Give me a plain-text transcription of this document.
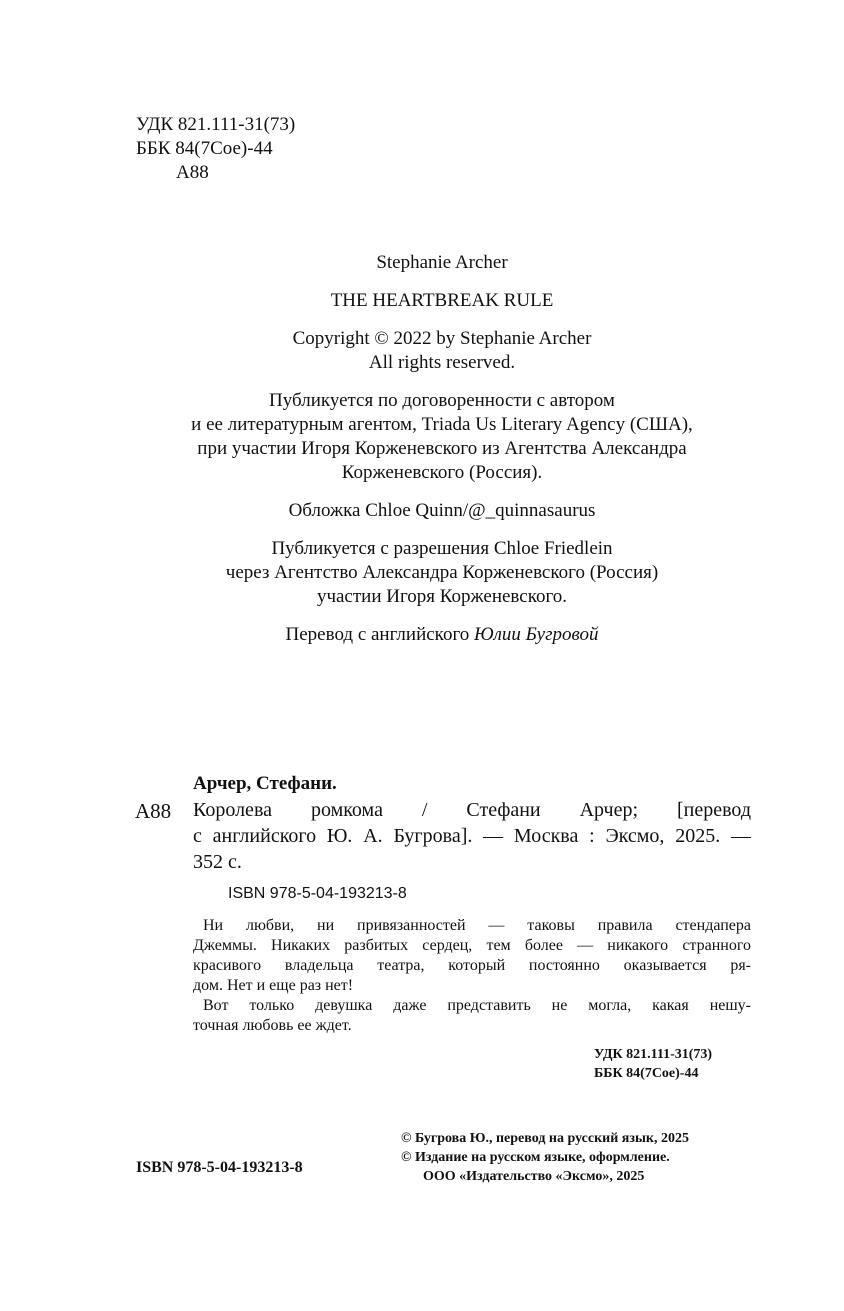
УДК 821.111-31(73)
ББК 84(7Сое)-44
А88
Stephanie Archer
THE HEARTBREAK RULE
Copyright © 2022 by Stephanie Archer
All rights reserved.
Публикуется по договоренности с автором
и ее литературным агентом, Triada Us Literary Agency (США),
при участии Игоря Корженевского из Агентства Александра
Корженевского (Россия).
Обложка Chloe Quinn/@_quinnasaurus
Публикуется с разрешения Chloe Friedlein
через Агентство Александра Корженевского (Россия)
участии Игоря Корженевского.
Перевод с английского Юлии Бугровой
Арчер, Стефани.
А88 Королева ромкома / Стефани Арчер; [перевод
с английского Ю. А. Бугрова]. — Москва : Эксмо, 2025. —
352 с.
ISBN 978-5-04-193213-8
Ни любви, ни привязанностей — таковы правила стендапера
Джеммы. Никаких разбитых сердец, тем более — никакого странного
красивого владельца театра, который постоянно оказывается ря-
дом. Нет и еще раз нет!
Вот только девушка даже представить не могла, какая нешу-
точная любовь ее ждет.
УДК 821.111-31(73)
ББК 84(7Сое)-44
© Бугрова Ю., перевод на русский язык, 2025
© Издание на русском языке, оформление.
ООО «Издательство «Эксмо», 2025
ISBN 978-5-04-193213-8
